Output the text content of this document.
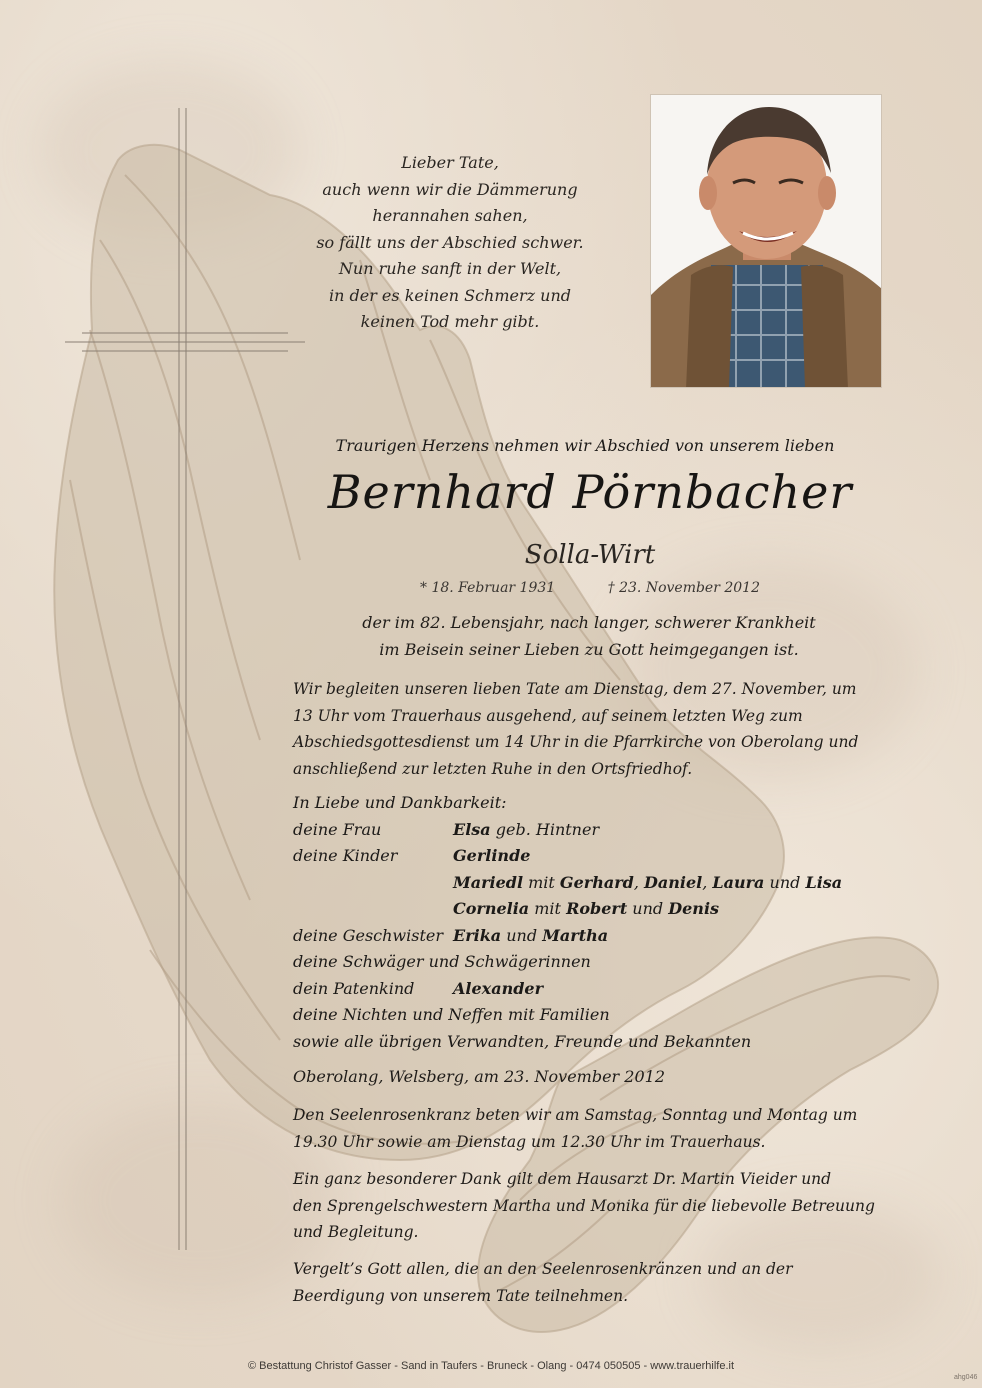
Lieber Tate,
auch wenn wir die Dämmerung
herannahen sahen,
so fällt uns der Abschied schwer.
Nun ruhe sanft in der Welt,
in der es keinen Schmerz und
keinen Tod mehr gibt.
Traurigen Herzens nehmen wir Abschied von unserem lieben
Bernhard Pörnbacher
Solla-Wirt
* 18. Februar 1931	† 23. November 2012
der im 82. Lebensjahr, nach langer, schwerer Krankheit
im Beisein seiner Lieben zu Gott heimgegangen ist.
Wir begleiten unseren lieben Tate am Dienstag, dem 27. November, um
13 Uhr vom Trauerhaus ausgehend, auf seinem letzten Weg zum
Abschiedsgottesdienst um 14 Uhr in die Pfarrkirche von Oberolang und
anschließend zur letzten Ruhe in den Ortsfriedhof.
In Liebe und Dankbarkeit:
deine Frau	Elsa geb. Hintner
deine Kinder	Gerlinde
Mariedl mit Gerhard, Daniel, Laura und Lisa
Cornelia mit Robert und Denis
deine Geschwister Erika und Martha
deine Schwäger und Schwägerinnen
dein Patenkind	Alexander
deine Nichten und Neffen mit Familien
sowie alle übrigen Verwandten, Freunde und Bekannten
Oberolang, Welsberg, am 23. November 2012
Den Seelenrosenkranz beten wir am Samstag, Sonntag und Montag um
19.30 Uhr sowie am Dienstag um 12.30 Uhr im Trauerhaus.
Ein ganz besonderer Dank gilt dem Hausarzt Dr. Martin Vieider und
den Sprengelschwestern Martha und Monika für die liebevolle Betreuung
und Begleitung.
Vergelt’s Gott allen, die an den Seelenrosenkränzen und an der
Beerdigung von unserem Tate teilnehmen.
© Bestattung Christof Gasser - Sand in Taufers - Bruneck - Olang - 0474 050505 - www.trauerhilfe.it
ahg046
